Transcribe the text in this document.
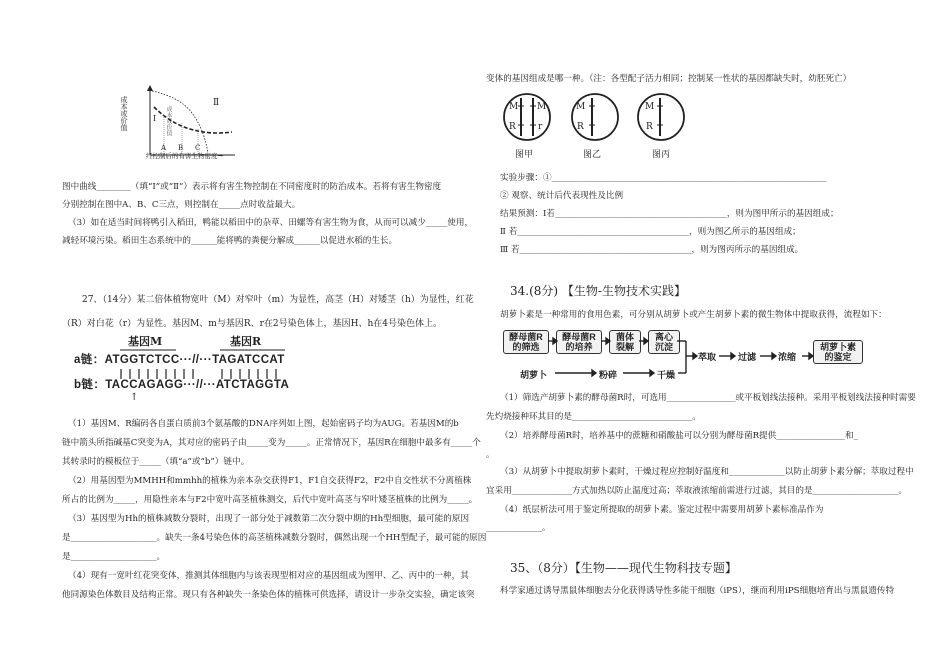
成本或价值	成本或价值
Ⅱ
Ⅰ
A B C
经控制后的有害生物密度→
图中曲线________（填“Ⅰ”或“Ⅱ”）表示将有害生物控制在不同密度时的防治成本。若将有害生物密度
分别控制在图中A、B、C三点，则控制在_____点时收益最大。
（3）如在适当时间将鸭引入稻田，鸭能以稻田中的杂草、田螺等有害生物为食，从而可以减少_____使用，
减轻环境污染。稻田生态系统中的______能将鸭的粪便分解成______以促进水稻的生长。
27、（14分）某二倍体植物宽叶（M）对窄叶（m）为显性，高茎（H）对矮茎（h）为显性，红花
（R）对白花（r）为显性。基因M、m与基因R、r在2号染色体上，基因H、h在4号染色体上。
基因M	基因R
a链：ATGGTCTCC···//···TAGATCCAT
b链：TACCAGAGG···//···ATCTAGGTA
↑
（1）基因M、R编码各自蛋白质前3个氨基酸的DNA序列如上图，起始密码子均为AUG。若基因M的b
链中箭头所指碱基C突变为A，其对应的密码子由_____变为_____。正常情况下，基因R在细胞中最多有_____个
其转录时的模板位于_____（填“a”或“b”）链中。
（2）用基因型为MMHH和mmhh的植株为亲本杂交获得F1，F1自交获得F2，F2中自交性状不分离植株
所占的比例为_____，用隐性亲本与F2中宽叶高茎植株测交，后代中宽叶高茎与窄叶矮茎植株的比例为_____。
（3）基因型为Hh的植株减数分裂时，出现了一部分处于减数第二次分裂中期的Hh型细胞，最可能的原因
是____________________。缺失一条4号染色体的高茎植株减数分裂时，偶然出现一个HH型配子，最可能的原因
是____________________。
（4）现有一宽叶红花突变体，推测其体细胞内与该表现型相对应的基因组成为图甲、乙、丙中的一种，其
他同源染色体数目及结构正常。现只有各种缺失一条染色体的植株可供选择，请设计一步杂交实验，确定该突
变体的基因组成是哪一种。（注：各型配子活力相同；控制某一性状的基因都缺失时，幼胚死亡）
M M
R r
图甲
M
R
图乙
M
R
图丙
实验步骤：①________________________________________________________________
② 观察、统计后代表现性及比例
结果预测：Ⅰ若________________________________________，则为图甲所示的基因组成；
Ⅱ 若________________________________________，则为图乙所示的基因组成；
Ⅲ 若________________________________________，则为图丙所示的基因组成。
34.(8分) 【生物-生物技术实践】
胡萝卜素是一种常用的食用色素，可分别从胡萝卜或产生胡萝卜素的微生物体中提取获得，流程如下：
酵母菌R
的筛选
酵母菌R
的培养
菌体
裂解
离心
沉淀
萃取 过滤 浓缩
胡萝卜素
的鉴定
胡萝卜	粉碎	干燥
（1）筛选产胡萝卜素的酵母菌R时，可选用________________或平板划线法接种。采用平板划线法接种时需要
先灼烧接种环其目的是____________________________。
（2）培养酵母菌R时，培养基中的蔗糖和硝酸盐可以分别为酵母菌R提供________________和_
。
（3）从胡萝卜中提取胡萝卜素时，干燥过程应控制好温度和_____________以防止胡萝卜素分解；萃取过程中
宜采用______________方式加热以防止温度过高；萃取液浓缩前需进行过滤，其目的是____________________。
（4）纸层析法可用于鉴定所提取的胡萝卜素。鉴定过程中需要用胡萝卜素标准品作为
_____________。
35、（8分）【生物——现代生物科技专题】
科学家通过诱导黑鼠体细胞去分化获得诱导性多能干细胞（iPS），继而利用iPS细胞培育出与黑鼠遗传特
